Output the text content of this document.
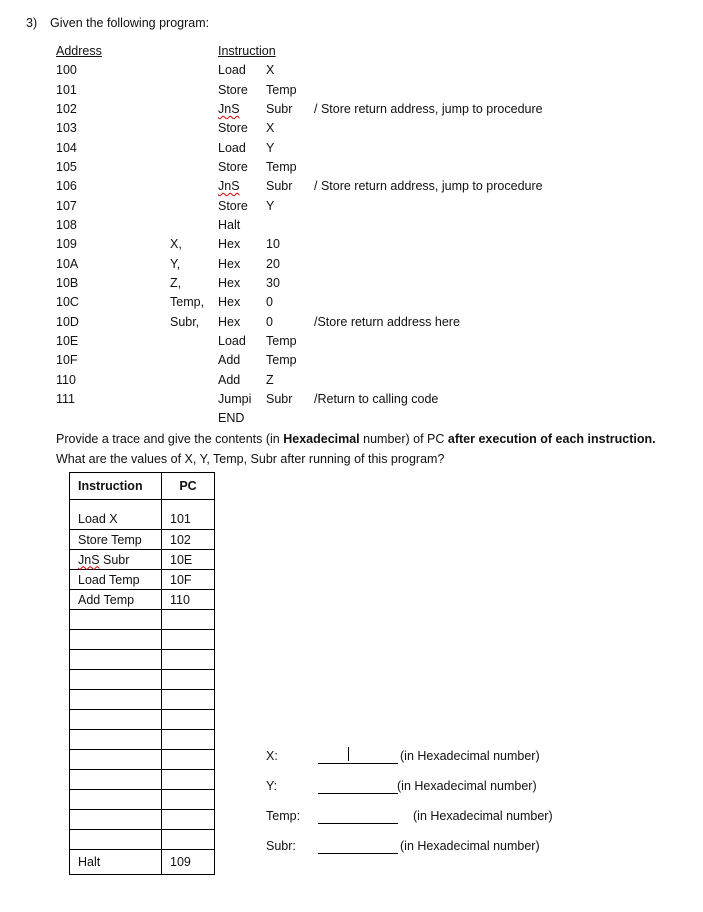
3) Given the following program:
Address	Instruction
100	Load X
101	Store Temp
102	JnS Subr / Store return address, jump to procedure
103	Store X
104	Load Y
105	Store Temp
106	JnS Subr / Store return address, jump to procedure
107	Store Y
108	Halt
109	X,	Hex 10
10A	Y,	Hex 20
10B	Z,	Hex 30
10C	Temp, Hex 0
10D	Subr, Hex 0	/Store return address here
10E	Load Temp
10F	Add Temp
110	Add Z
111	Jumpi Subr /Return to calling code
END

Provide a trace and give the contents (in Hexadecimal number) of PC after execution of each instruction. What are the values of X, Y, Temp, Subr after running of this program?

Instruction	PC
Load X	101
Store Temp	102
JnS Subr	10E
Load Temp	10F
Add Temp	110

Halt	109
X:	(in Hexadecimal number)
Y:	(in Hexadecimal number)
Temp:	(in Hexadecimal number)
Subr:	(in Hexadecimal number)
